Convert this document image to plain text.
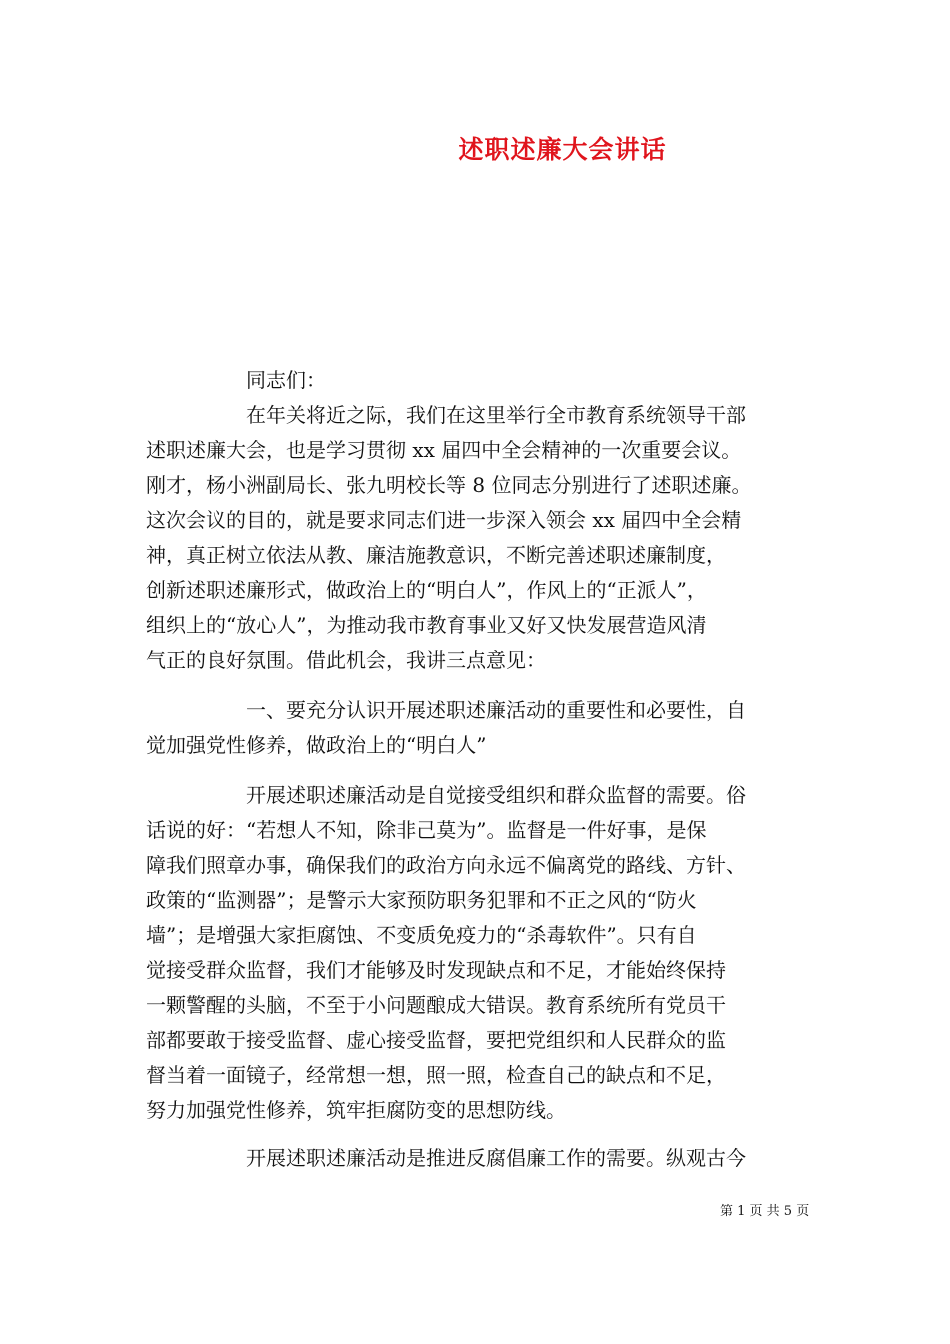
述职述廉大会讲话
同志们：
在年关将近之际，我们在这里举行全市教育系统领导干部
述职述廉大会，也是学习贯彻 xx 届四中全会精神的一次重要会议。
刚才，杨小洲副局长、张九明校长等 8 位同志分别进行了述职述廉。
这次会议的目的，就是要求同志们进一步深入领会 xx 届四中全会精
神，真正树立依法从教、廉洁施教意识，不断完善述职述廉制度，
创新述职述廉形式，做政治上的“明白人”，作风上的“正派人”，
组织上的“放心人”，为推动我市教育事业又好又快发展营造风清
气正的良好氛围。借此机会，我讲三点意见：
一、要充分认识开展述职述廉活动的重要性和必要性，自
觉加强党性修养，做政治上的“明白人”
开展述职述廉活动是自觉接受组织和群众监督的需要。俗
话说的好：“若想人不知，除非己莫为”。监督是一件好事，是保
障我们照章办事，确保我们的政治方向永远不偏离党的路线、方针、
政策的“监测器”；是警示大家预防职务犯罪和不正之风的“防火
墙”；是增强大家拒腐蚀、不变质免疫力的“杀毒软件”。只有自
觉接受群众监督，我们才能够及时发现缺点和不足，才能始终保持
一颗警醒的头脑，不至于小问题酿成大错误。教育系统所有党员干
部都要敢于接受监督、虚心接受监督，要把党组织和人民群众的监
督当着一面镜子，经常想一想，照一照，检查自己的缺点和不足，
努力加强党性修养，筑牢拒腐防变的思想防线。
开展述职述廉活动是推进反腐倡廉工作的需要。纵观古今
第 1 页 共 5 页
